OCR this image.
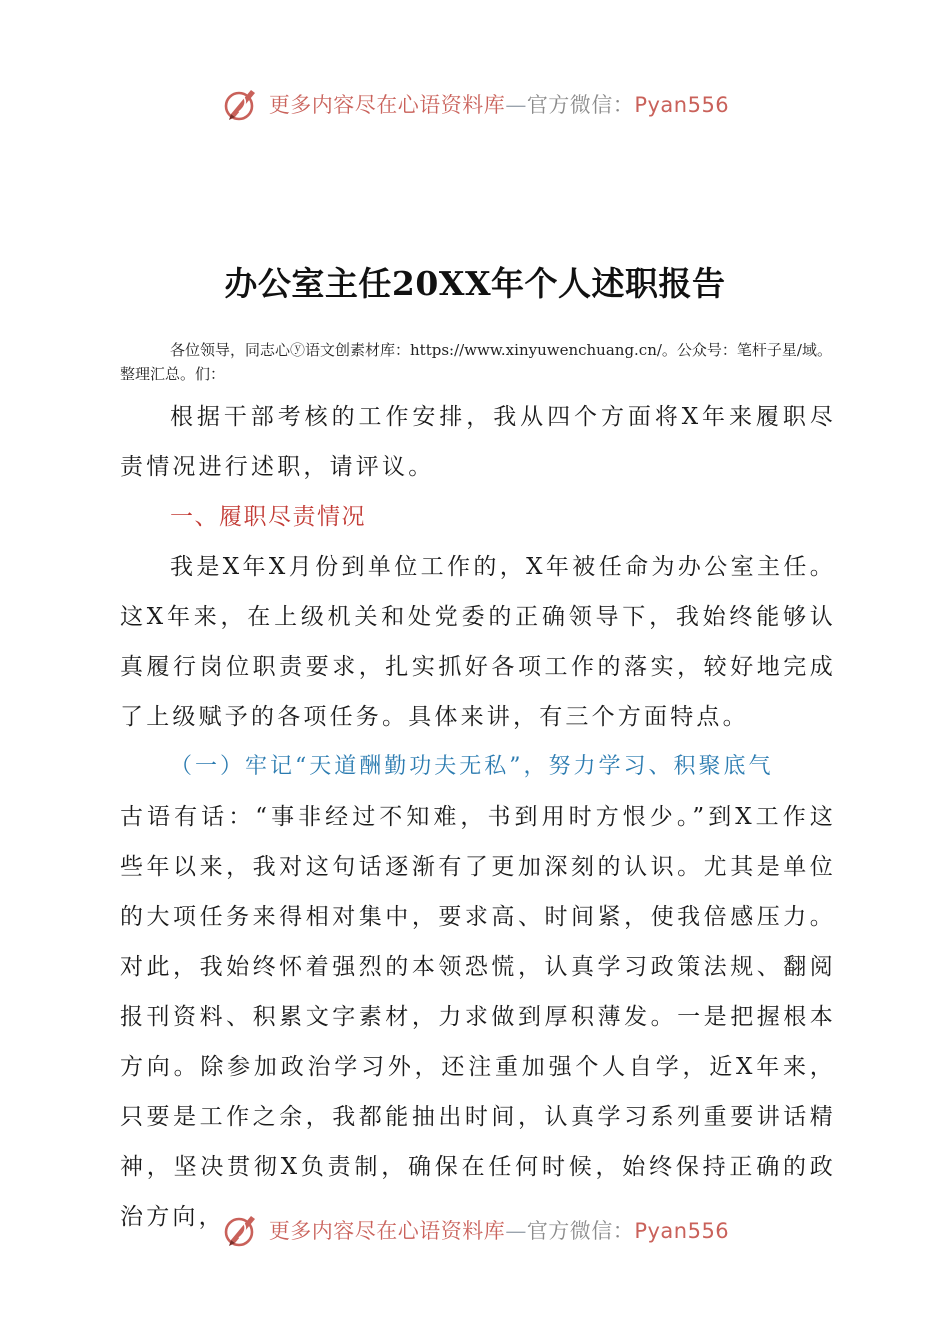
更多内容尽在心语资料库—官方微信：Pyan556
办公室主任20XX年个人述职报告

各位领导，同志心ⓨ语文创素材库：https://www.xinyuwenchuang.cn/。公众号：笔杆子星/域。整理汇总。们：

根据干部考核的工作安排，我从四个方面将X年来履职尽责情况进行述职，请评议。

一、履职尽责情况

我是X年X月份到单位工作的，X年被任命为办公室主任。这X年来，在上级机关和处党委的正确领导下，我始终能够认真履行岗位职责要求，扎实抓好各项工作的落实，较好地完成了上级赋予的各项任务。具体来讲，有三个方面特点。

（一）牢记“天道酬勤功夫无私”，努力学习、积聚底气

古语有话：“事非经过不知难，书到用时方恨少。”到X工作这些年以来，我对这句话逐渐有了更加深刻的认识。尤其是单位的大项任务来得相对集中，要求高、时间紧，使我倍感压力。对此，我始终怀着强烈的本领恐慌，认真学习政策法规、翻阅报刊资料、积累文字素材，力求做到厚积薄发。一是把握根本方向。除参加政治学习外，还注重加强个人自学，近X年来，只要是工作之余，我都能抽出时间，认真学习系列重要讲话精神，坚决贯彻X负责制，确保在任何时候，始终保持正确的政治方向，

更多内容尽在心语资料库—官方微信：Pyan556
